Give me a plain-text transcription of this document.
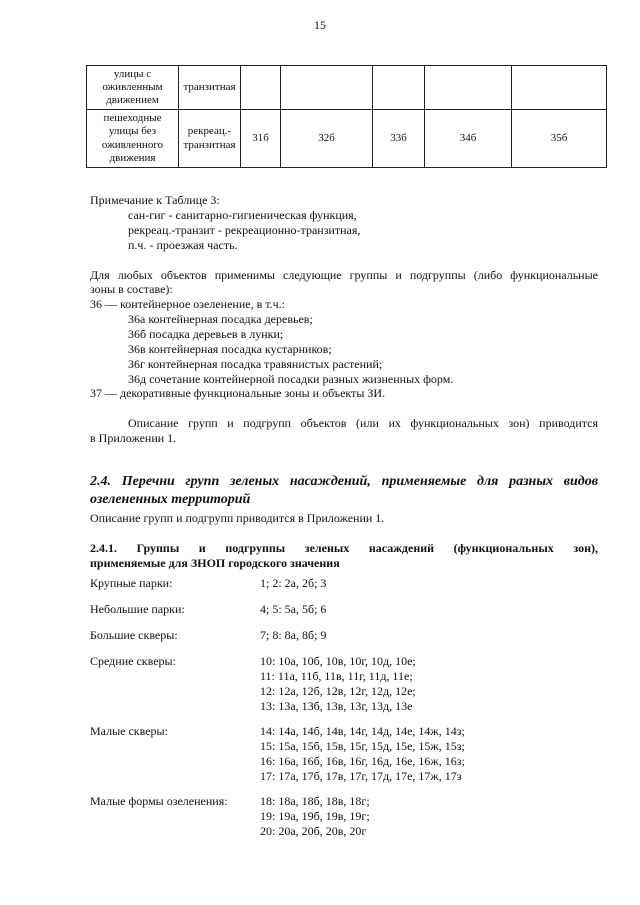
15
улицы с оживленным движением	транзитная					
пешеходные улицы без оживленного движения	рекреац.-транзитная	31б	32б	33б	34б	35б
Примечание к Таблице 3:
сан-гиг - санитарно-гигиеническая функция,
рекреац.-транзит - рекреационно-транзитная,
п.ч. - проезжая часть.
Для любых объектов применимы следующие группы и подгруппы (либо функциональные
зоны в составе):
36 — контейнерное озеленение, в т.ч.:
36а контейнерная посадка деревьев;
36б посадка деревьев в лунки;
36в контейнерная посадка кустарников;
36г контейнерная посадка травянистых растений;
36д сочетание контейнерной посадки разных жизненных форм.
37 — декоративные функциональные зоны и объекты ЗИ.
Описание групп и подгрупп объектов (или их функциональных зон) приводится
в Приложении 1.
2.4. Перечни групп зеленых насаждений, применяемые для разных видов
озелененных территорий
Описание групп и подгрупп приводится в Приложении 1.
2.4.1. Группы и подгруппы зеленых насаждений (функциональных зон),
применяемые для ЗНОП городского значения
Крупные парки:	1; 2: 2а, 2б; 3
Небольшие парки:	4; 5: 5а, 5б; 6
Большие скверы:	7; 8: 8а, 8б; 9
Средние скверы:	10: 10а, 10б, 10в, 10г, 10д, 10е;
11: 11а, 11б, 11в, 11г, 11д, 11е;
12: 12а, 12б, 12в, 12г, 12д, 12е;
13: 13а, 13б, 13в, 13г, 13д, 13е
Малые скверы:	14: 14а, 14б, 14в, 14г, 14д, 14е, 14ж, 14з;
15: 15а, 15б, 15в, 15г, 15д, 15е, 15ж, 15з;
16: 16а, 16б, 16в, 16г, 16д, 16е, 16ж, 16з;
17: 17а, 17б, 17в, 17г, 17д, 17е, 17ж, 17з
Малые формы озеленения:	18: 18а, 18б, 18в, 18г;
19: 19а, 19б, 19в, 19г;
20: 20а, 20б, 20в, 20г
